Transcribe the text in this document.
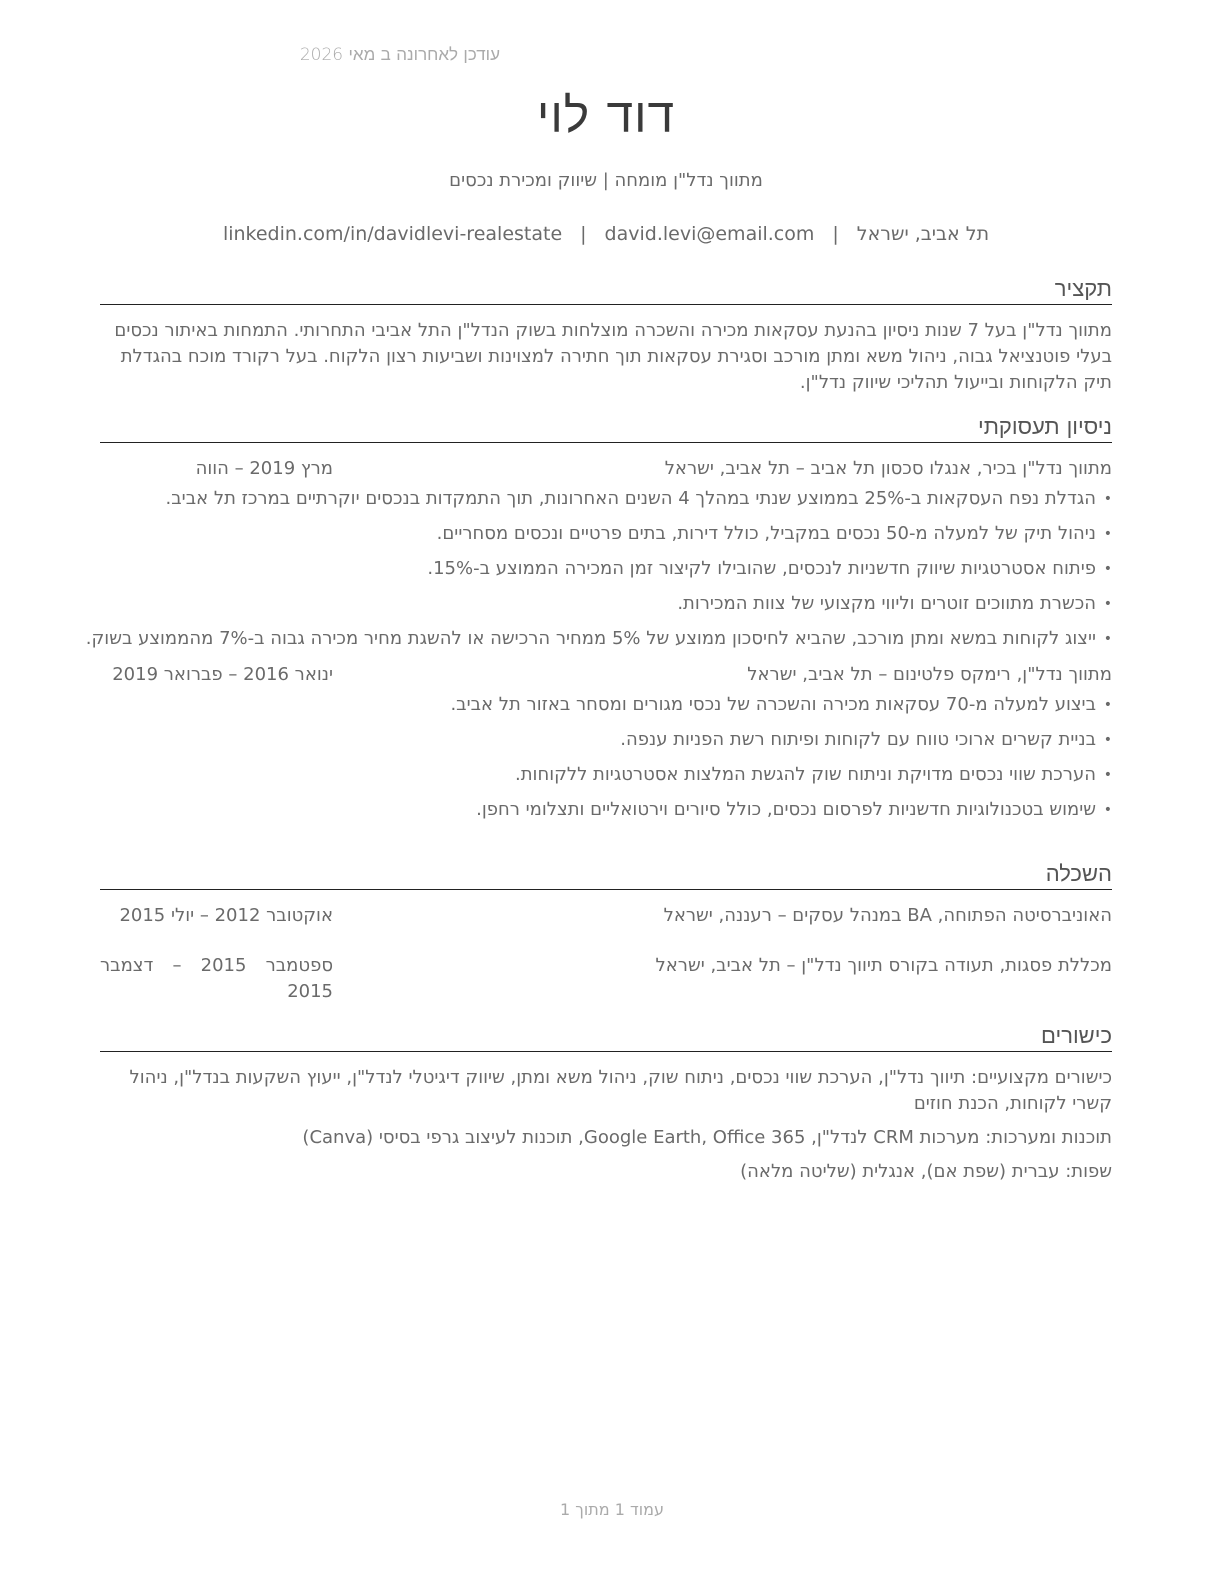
עודכן לאחרונה ב מאי 2026
דוד לוי
מתווך נדל"ן מומחה | שיווק ומכירת נכסים
תל אביב, ישראל
|
david.levi@email.com
|
linkedin.com/in/davidlevi-realestate
תקציר
מתווך נדל"ן בעל 7 שנות ניסיון בהנעת עסקאות מכירה והשכרה מוצלחות בשוק הנדל"ן התל אביבי התחרותי. התמחות באיתור נכסים בעלי פוטנציאל גבוה, ניהול משא ומתן מורכב וסגירת עסקאות תוך חתירה למצוינות ושביעות רצון הלקוח. בעל רקורד מוכח בהגדלת תיק הלקוחות ובייעול תהליכי שיווק נדל"ן.
ניסיון תעסוקתי
מתווך נדל"ן בכיר, אנגלו סכסון תל אביב – תל אביב, ישראל
מרץ 2019 – הווה
• הגדלת נפח העסקאות ב-25% בממוצע שנתי במהלך 4 השנים האחרונות, תוך התמקדות בנכסים יוקרתיים במרכז תל אביב.
• ניהול תיק של למעלה מ-50 נכסים במקביל, כולל דירות, בתים פרטיים ונכסים מסחריים.
• פיתוח אסטרטגיות שיווק חדשניות לנכסים, שהובילו לקיצור זמן המכירה הממוצע ב-15%.
• הכשרת מתווכים זוטרים וליווי מקצועי של צוות המכירות.
• ייצוג לקוחות במשא ומתן מורכב, שהביא לחיסכון ממוצע של 5% ממחיר הרכישה או להשגת מחיר מכירה גבוה ב-7% מהממוצע בשוק.
מתווך נדל"ן, רימקס פלטינום – תל אביב, ישראל
ינואר 2016 – פברואר 2019
• ביצוע למעלה מ-70 עסקאות מכירה והשכרה של נכסי מגורים ומסחר באזור תל אביב.
• בניית קשרים ארוכי טווח עם לקוחות ופיתוח רשת הפניות ענפה.
• הערכת שווי נכסים מדויקת וניתוח שוק להגשת המלצות אסטרטגיות ללקוחות.
• שימוש בטכנולוגיות חדשניות לפרסום נכסים, כולל סיורים וירטואליים ותצלומי רחפן.
השכלה
האוניברסיטה הפתוחה, BA במנהל עסקים – רעננה, ישראל
אוקטובר 2012 – יולי 2015
מכללת פסגות, תעודה בקורס תיווך נדל"ן – תל אביב, ישראל
ספטמבר 2015 – דצמבר 2015
כישורים
כישורים מקצועיים: תיווך נדל"ן, הערכת שווי נכסים, ניתוח שוק, ניהול משא ומתן, שיווק דיגיטלי לנדל"ן, ייעוץ השקעות בנדל"ן, ניהול קשרי לקוחות, הכנת חוזים
תוכנות ומערכות: מערכות CRM לנדל"ן, Google Earth, Office 365, תוכנות לעיצוב גרפי בסיסי (Canva)
שפות: עברית (שפת אם), אנגלית (שליטה מלאה)
עמוד 1 מתוך 1
